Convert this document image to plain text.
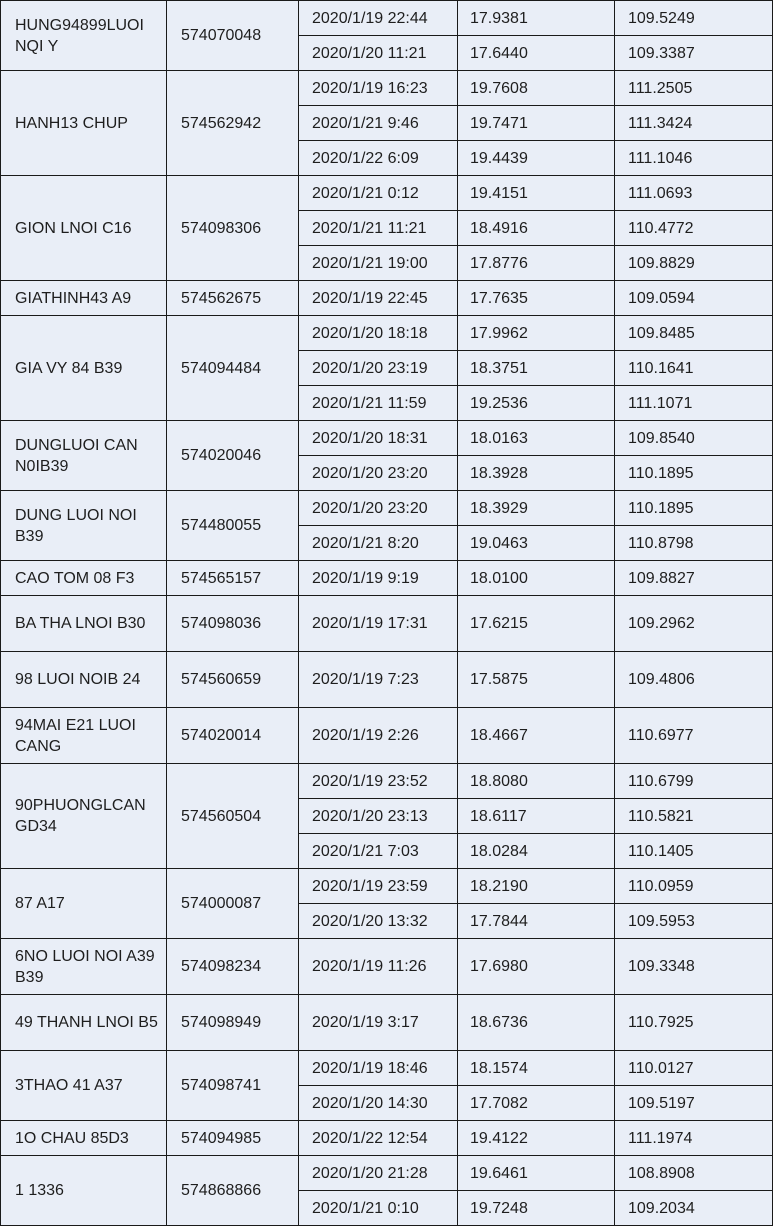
HUNG94899LUOI NQI Y	574070048	2020/1/19 22:44	17.9381	109.5249
		2020/1/20 11:21	17.6440	109.3387
HANH13 CHUP	574562942	2020/1/19 16:23	19.7608	111.2505
		2020/1/21 9:46	19.7471	111.3424
		2020/1/22 6:09	19.4439	111.1046
GION LNOI C16	574098306	2020/1/21 0:12	19.4151	111.0693
		2020/1/21 11:21	18.4916	110.4772
		2020/1/21 19:00	17.8776	109.8829
GIATHINH43 A9	574562675	2020/1/19 22:45	17.7635	109.0594
GIA VY 84 B39	574094484	2020/1/20 18:18	17.9962	109.8485
		2020/1/20 23:19	18.3751	110.1641
		2020/1/21 11:59	19.2536	111.1071
DUNGLUOI CAN N0IB39	574020046	2020/1/20 18:31	18.0163	109.8540
		2020/1/20 23:20	18.3928	110.1895
DUNG LUOI NOI B39	574480055	2020/1/20 23:20	18.3929	110.1895
		2020/1/21 8:20	19.0463	110.8798
CAO TOM 08 F3	574565157	2020/1/19 9:19	18.0100	109.8827
BA THA LNOI B30	574098036	2020/1/19 17:31	17.6215	109.2962
98 LUOI NOIB 24	574560659	2020/1/19 7:23	17.5875	109.4806
94MAI E21 LUOI CANG	574020014	2020/1/19 2:26	18.4667	110.6977
90PHUONGLCAN GD34	574560504	2020/1/19 23:52	18.8080	110.6799
		2020/1/20 23:13	18.6117	110.5821
		2020/1/21 7:03	18.0284	110.1405
87 A17	574000087	2020/1/19 23:59	18.2190	110.0959
		2020/1/20 13:32	17.7844	109.5953
6NO LUOI NOI A39 B39	574098234	2020/1/19 11:26	17.6980	109.3348
49 THANH LNOI B5	574098949	2020/1/19 3:17	18.6736	110.7925
3THAO 41 A37	574098741	2020/1/19 18:46	18.1574	110.0127
		2020/1/20 14:30	17.7082	109.5197
1O CHAU 85D3	574094985	2020/1/22 12:54	19.4122	111.1974
1 1336	574868866	2020/1/20 21:28	19.6461	108.8908
		2020/1/21 0:10	19.7248	109.2034
